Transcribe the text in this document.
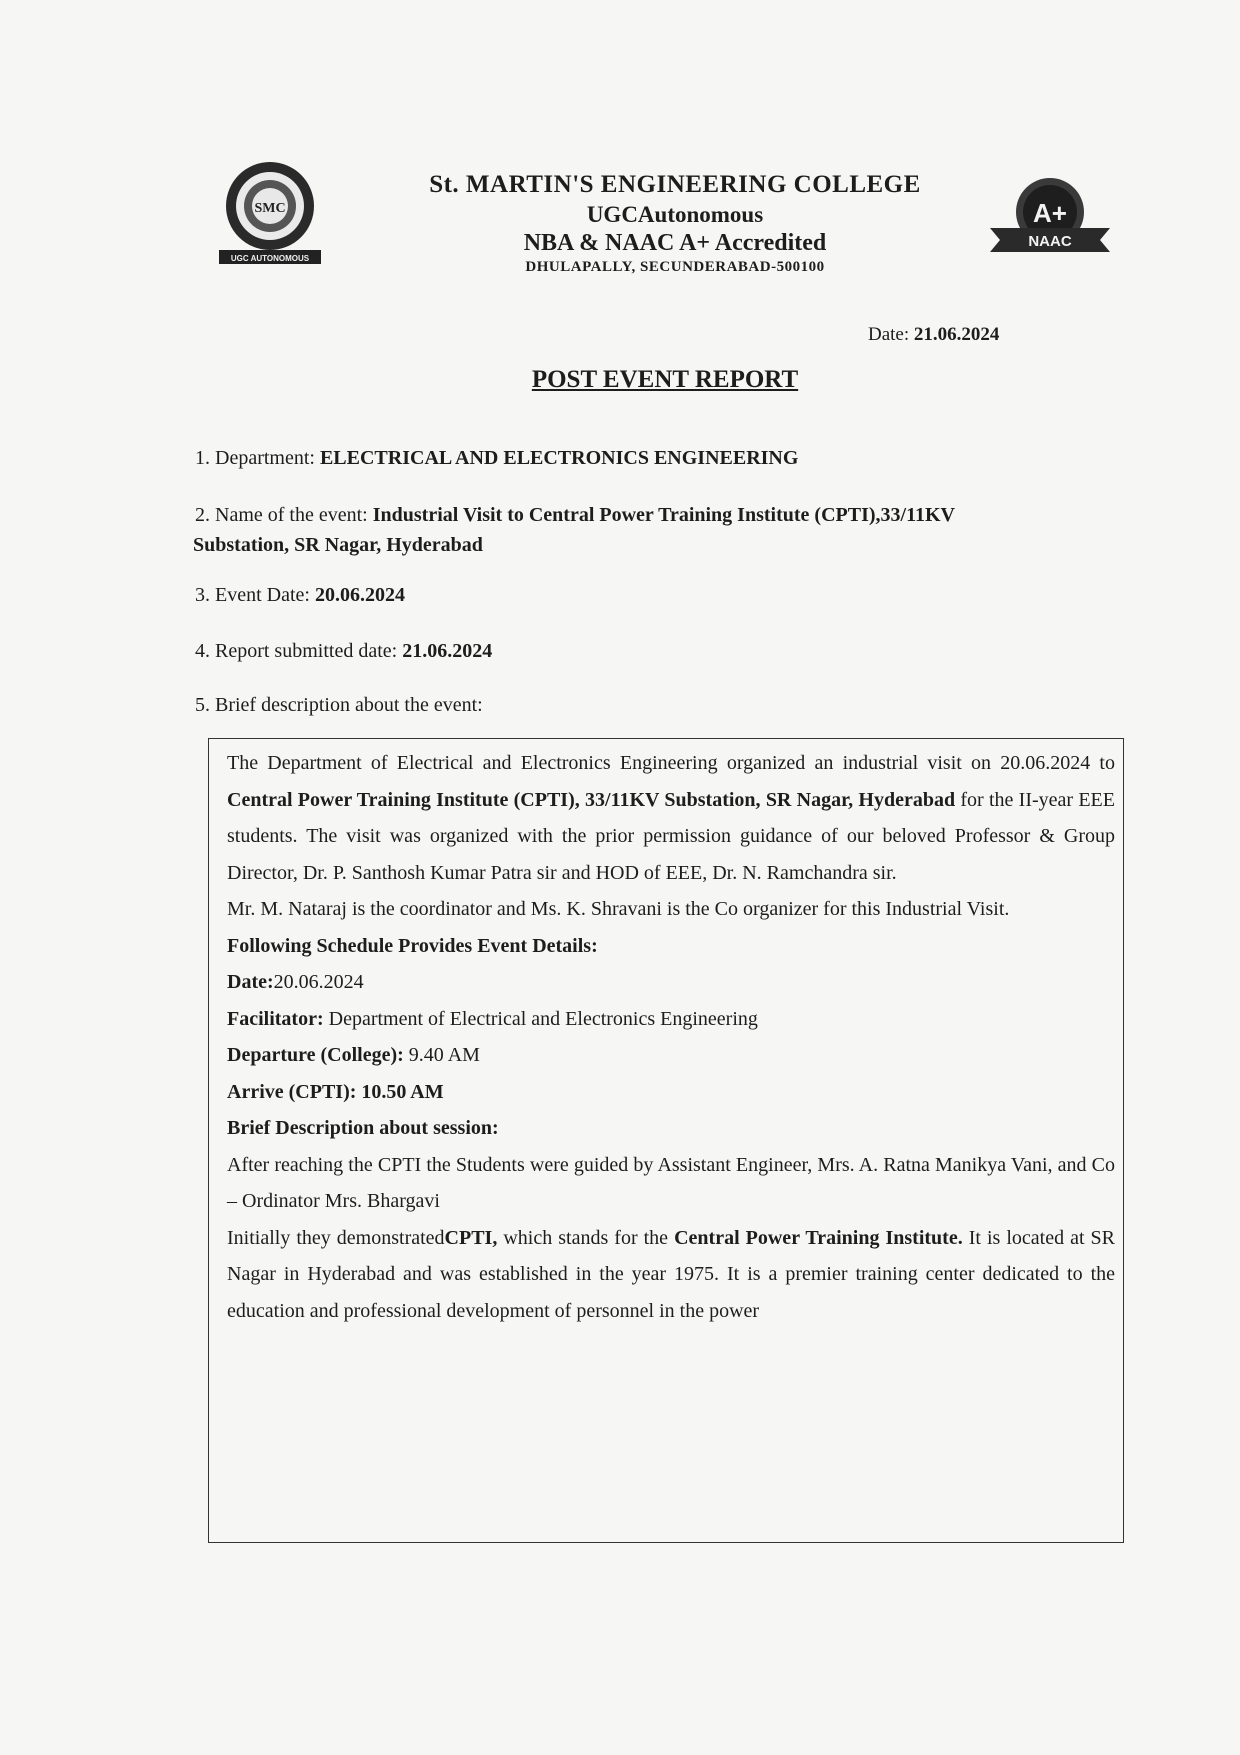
SMC
UGC AUTONOMOUS
St. MARTIN'S ENGINEERING COLLEGE
UGCAutonomous
NBA & NAAC A+ Accredited
DHULAPALLY, SECUNDERABAD-500100
A+
NAAC
Date: 21.06.2024
POST EVENT REPORT
1. Department: ELECTRICAL AND ELECTRONICS ENGINEERING
2. Name of the event: Industrial Visit to Central Power Training Institute (CPTI),33/11KV
Substation, SR Nagar, Hyderabad
3. Event Date: 20.06.2024
4. Report submitted date: 21.06.2024
5. Brief description about the event:

The Department of Electrical and Electronics Engineering organized an industrial visit on 20.06.2024 to Central Power Training Institute (CPTI), 33/11KV Substation, SR Nagar, Hyderabad for the II-year EEE students. The visit was organized with the prior permission guidance of our beloved Professor & Group Director, Dr. P. Santhosh Kumar Patra sir and HOD of EEE, Dr. N. Ramchandra sir.

Mr. M. Nataraj is the coordinator and Ms. K. Shravani is the Co organizer for this Industrial Visit.

Following Schedule Provides Event Details:

Date:20.06.2024

Facilitator: Department of Electrical and Electronics Engineering

Departure (College): 9.40 AM

Arrive (CPTI): 10.50 AM

Brief Description about session:

After reaching the CPTI the Students were guided by Assistant Engineer, Mrs. A. Ratna Manikya Vani, and Co – Ordinator Mrs. Bhargavi

Initially they demonstratedCPTI, which stands for the Central Power Training Institute. It is located at SR Nagar in Hyderabad and was established in the year 1975. It is a premier training center dedicated to the education and professional development of personnel in the power
